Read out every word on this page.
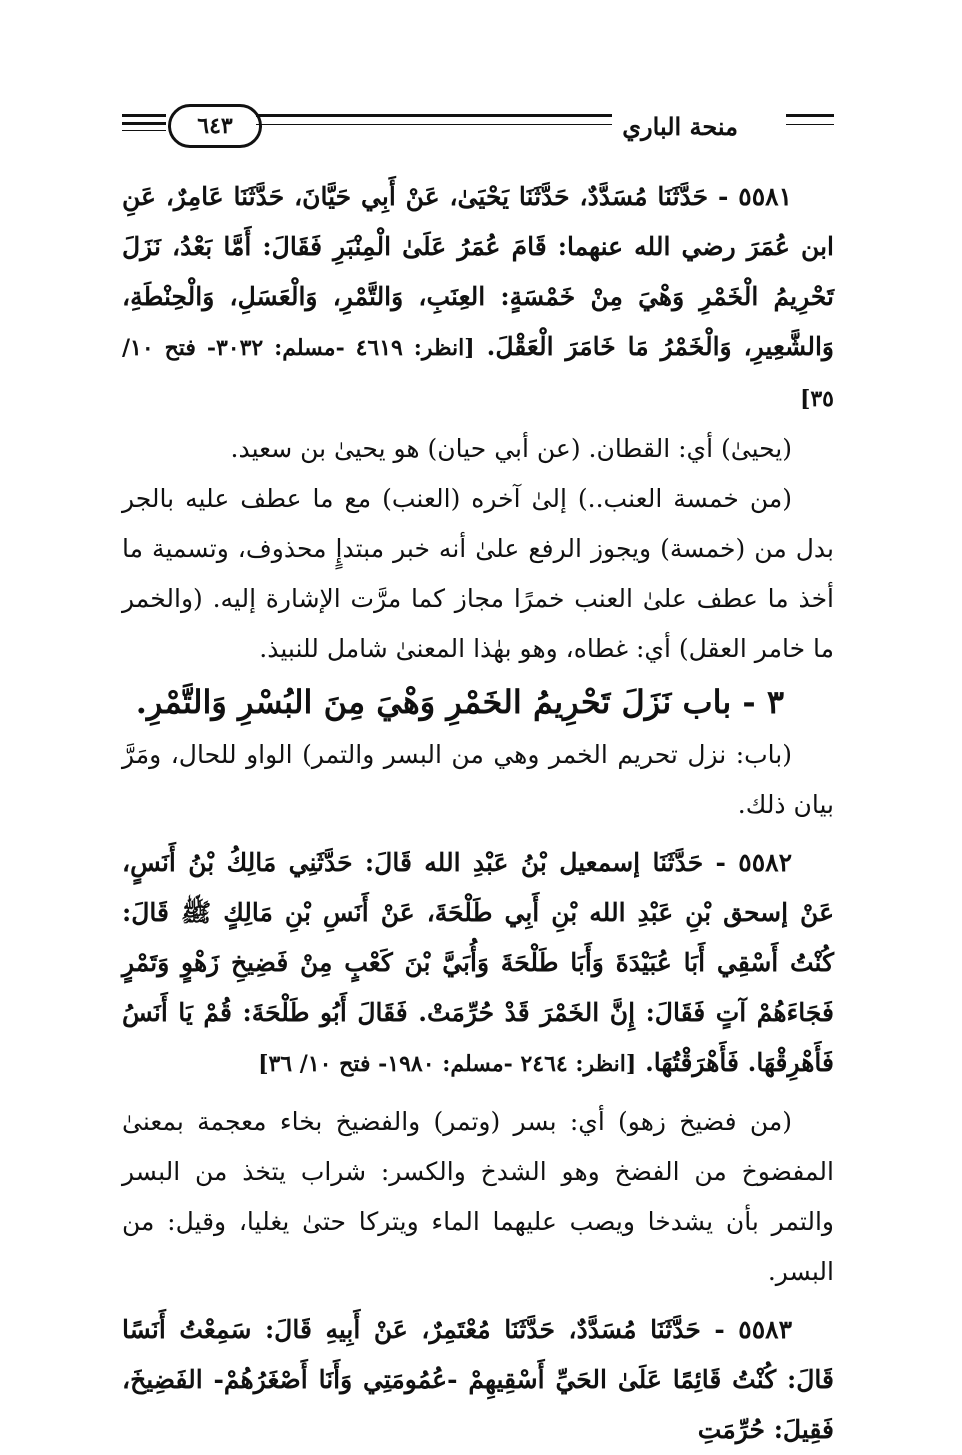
٦٤٣	منحة الباري

٥٥٨١ - حَدَّثَنَا مُسَدَّدٌ، حَدَّثَنَا يَحْيَىٰ، عَنْ أَبِي حَيَّانَ، حَدَّثَنَا عَامِرٌ، عَنِ ابن عُمَرَ رضي الله عنهما: قَامَ عُمَرُ عَلَىٰ الْمِنْبَرِ فَقَالَ: أَمَّا بَعْدُ، نَزَلَ تَحْرِيمُ الْخَمْرِ وَهْيَ مِنْ خَمْسَةٍ: العِنَبِ، وَالتَّمْرِ، وَالْعَسَلِ، وَالْحِنْطَةِ، وَالشَّعِيرِ، وَالْخَمْرُ مَا خَامَرَ الْعَقْلَ. [انظر: ٤٦١٩ -مسلم: ٣٠٣٢- فتح ١٠/ ٣٥]

(يحيىٰ) أي: القطان. (عن أبي حيان) هو يحيىٰ بن سعيد.

(من خمسة العنب..) إلىٰ آخره (العنب) مع ما عطف عليه بالجر بدل من (خمسة) ويجوز الرفع علىٰ أنه خبر مبتدإٍ محذوف، وتسمية ما أخذ ما عطف علىٰ العنب خمرًا مجاز كما مرَّت الإشارة إليه. (والخمر ما خامر العقل) أي: غطاه، وهو بهٰذا المعنىٰ شامل للنبيذ.

٣ - باب نَزَلَ تَحْرِيمُ الخَمْرِ وَهْيَ مِنَ البُسْرِ وَالتَّمْرِ.

(باب: نزل تحريم الخمر وهي من البسر والتمر) الواو للحال، ومَرَّ بيان ذلك.

٥٥٨٢ - حَدَّثَنَا إسمعيل بْنُ عَبْدِ الله قَالَ: حَدَّثَنِي مَالِكُ بْنُ أَنَسٍ، عَنْ إسحق بْنِ عَبْدِ الله بْنِ أَبِي طَلْحَةَ، عَنْ أَنَسِ بْنِ مَالِكٍ ﷺ قَالَ: كُنْتُ أَسْقِي أَبَا عُبَيْدَةَ وَأَبَا طَلْحَةَ وَأُبَيَّ بْنَ كَعْبٍ مِنْ فَضِيخِ زَهْوٍ وَتَمْرٍ فَجَاءَهُمْ آتٍ فَقَالَ: إِنَّ الخَمْرَ قَدْ حُرِّمَتْ. فَقَالَ أَبُو طَلْحَةَ: قُمْ يَا أَنَسُ فَأَهْرِقْهَا. فَأَهْرَقْتُهَا. [انظر: ٢٤٦٤ -مسلم: ١٩٨٠- فتح ١٠/ ٣٦]

(من فضيخ زهو) أي: بسر (وتمر) والفضيخ بخاء معجمة بمعنىٰ المفضوخ من الفضخ وهو الشدخ والكسر: شراب يتخذ من البسر والتمر بأن يشدخا ويصب عليهما الماء ويتركا حتىٰ يغليا، وقيل: من البسر.

٥٥٨٣ - حَدَّثَنَا مُسَدَّدٌ، حَدَّثَنَا مُعْتَمِرٌ، عَنْ أَبِيهِ قَالَ: سَمِعْتُ أَنَسًا قَالَ: كُنْتُ قَائِمًا عَلَىٰ الحَيِّ أَسْقِيهِمْ -عُمُومَتِي وَأَنَا أَصْغَرُهُمْ- الفَضِيخَ، فَقِيلَ: حُرِّمَتِ
